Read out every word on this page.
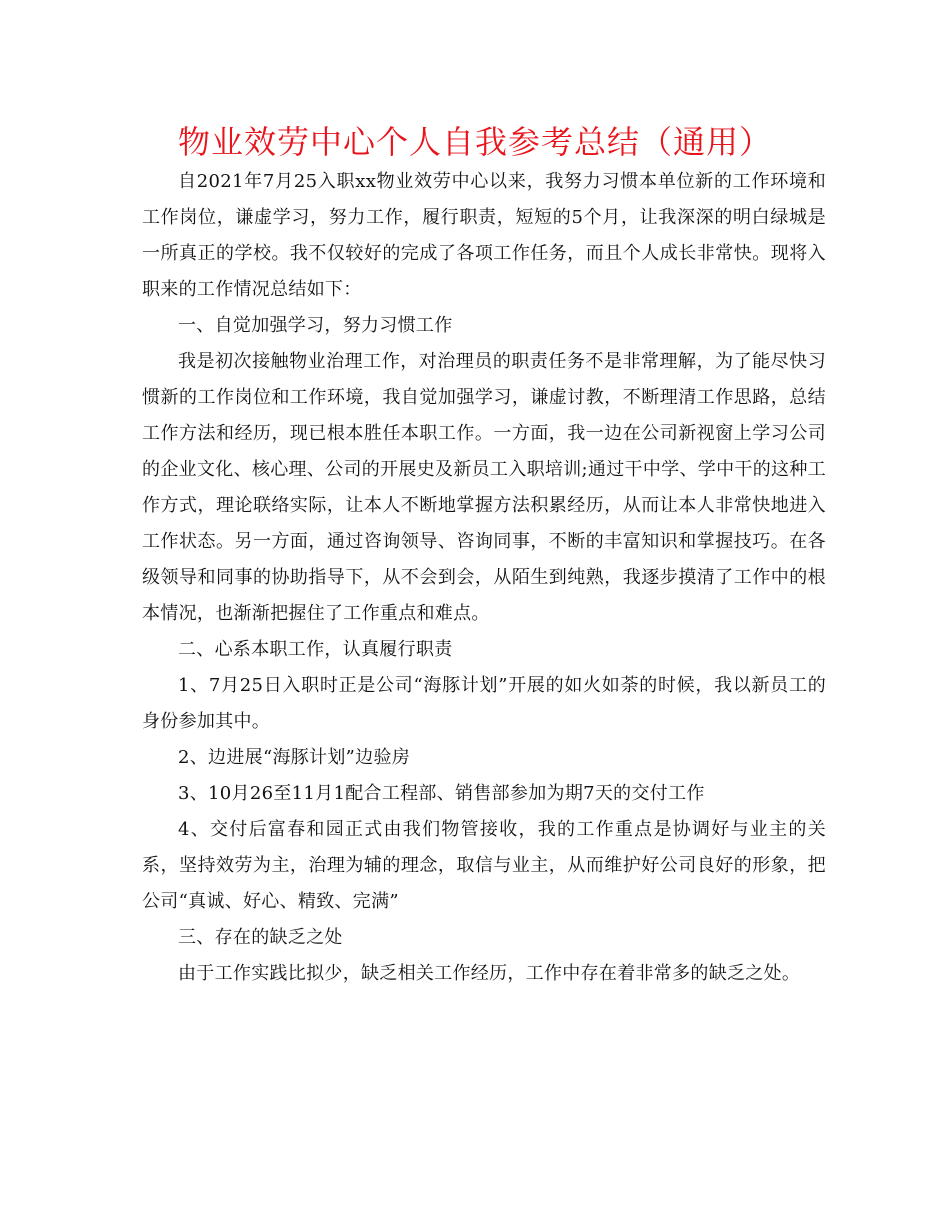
物业效劳中心个人自我参考总结（通用）

自2021年7月25入职xx物业效劳中心以来，我努力习惯本单位新的工作环境和工作岗位，谦虚学习，努力工作，履行职责，短短的5个月，让我深深的明白绿城是一所真正的学校。我不仅较好的完成了各项工作任务，而且个人成长非常快。现将入职来的工作情况总结如下：

一、自觉加强学习，努力习惯工作

我是初次接触物业治理工作，对治理员的职责任务不是非常理解，为了能尽快习惯新的工作岗位和工作环境，我自觉加强学习，谦虚讨教，不断理清工作思路，总结工作方法和经历，现已根本胜任本职工作。一方面，我一边在公司新视窗上学习公司的企业文化、核心理、公司的开展史及新员工入职培训;通过干中学、学中干的这种工作方式，理论联络实际，让本人不断地掌握方法积累经历，从而让本人非常快地进入工作状态。另一方面，通过咨询领导、咨询同事，不断的丰富知识和掌握技巧。在各级领导和同事的协助指导下，从不会到会，从陌生到纯熟，我逐步摸清了工作中的根本情况，也渐渐把握住了工作重点和难点。

二、心系本职工作，认真履行职责

1、7月25日入职时正是公司“海豚计划”开展的如火如荼的时候，我以新员工的身份参加其中。

2、边进展“海豚计划”边验房

3、10月26至11月1配合工程部、销售部参加为期7天的交付工作

4、交付后富春和园正式由我们物管接收，我的工作重点是协调好与业主的关系，坚持效劳为主，治理为辅的理念，取信与业主，从而维护好公司良好的形象，把公司“真诚、好心、精致、完满”

三、存在的缺乏之处

由于工作实践比拟少，缺乏相关工作经历，工作中存在着非常多的缺乏之处。
